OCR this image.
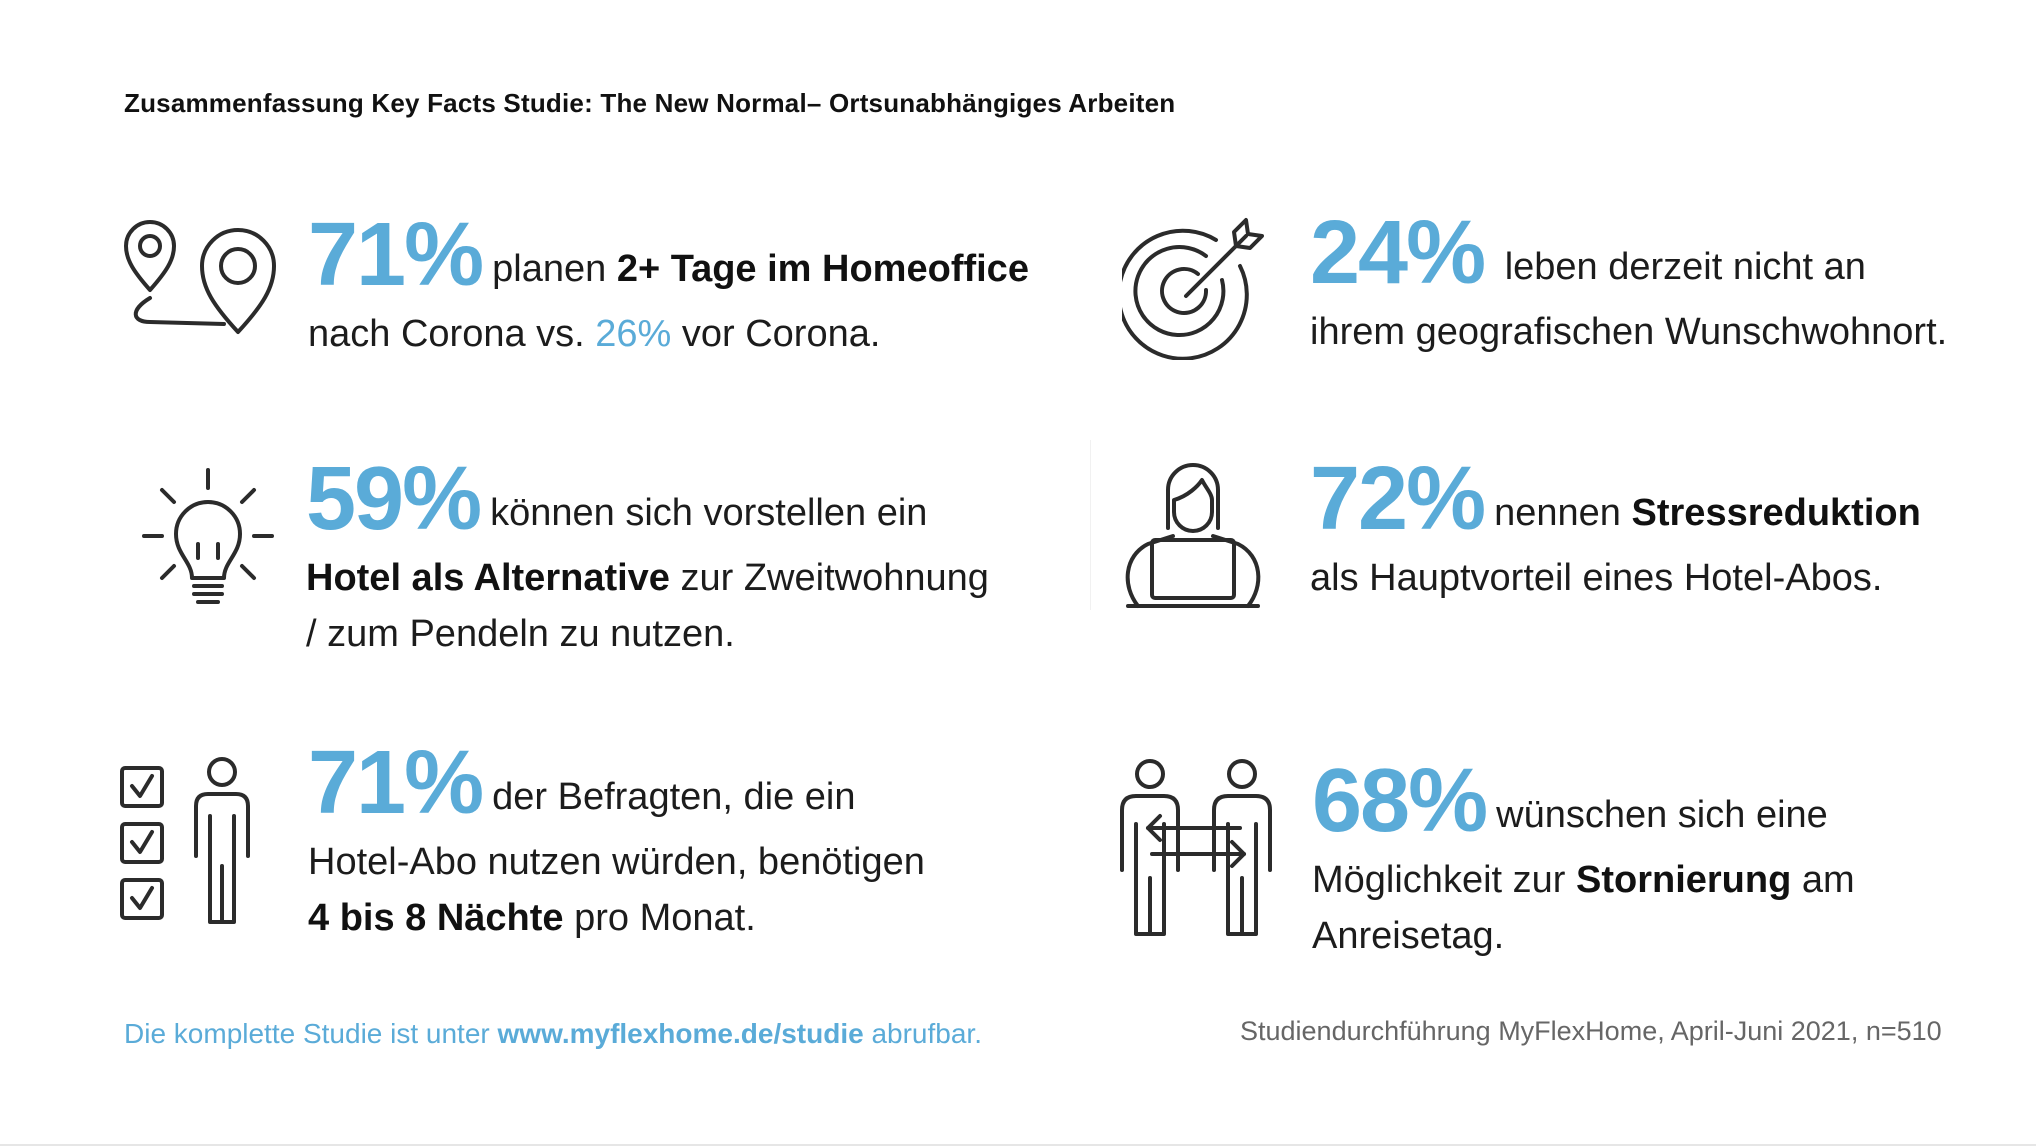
Zusammenfassung Key Facts Studie: The New Normal– Ortsunabhängiges Arbeiten
71% planen 2+ Tage im Homeoffice
nach Corona vs. 26% vor Corona.
24% leben derzeit nicht an
ihrem geografischen Wunschwohnort.
59% können sich vorstellen ein
Hotel als Alternative zur Zweitwohnung
/ zum Pendeln zu nutzen.
72% nennen Stressreduktion
als Hauptvorteil eines Hotel-Abos.
71% der Befragten, die ein
Hotel-Abo nutzen würden, benötigen
4 bis 8 Nächte pro Monat.
68% wünschen sich eine
Möglichkeit zur Stornierung am
Anreisetag.
Die komplette Studie ist unter www.myflexhome.de/studie abrufbar.	Studiendurchführung MyFlexHome, April-Juni 2021, n=510
